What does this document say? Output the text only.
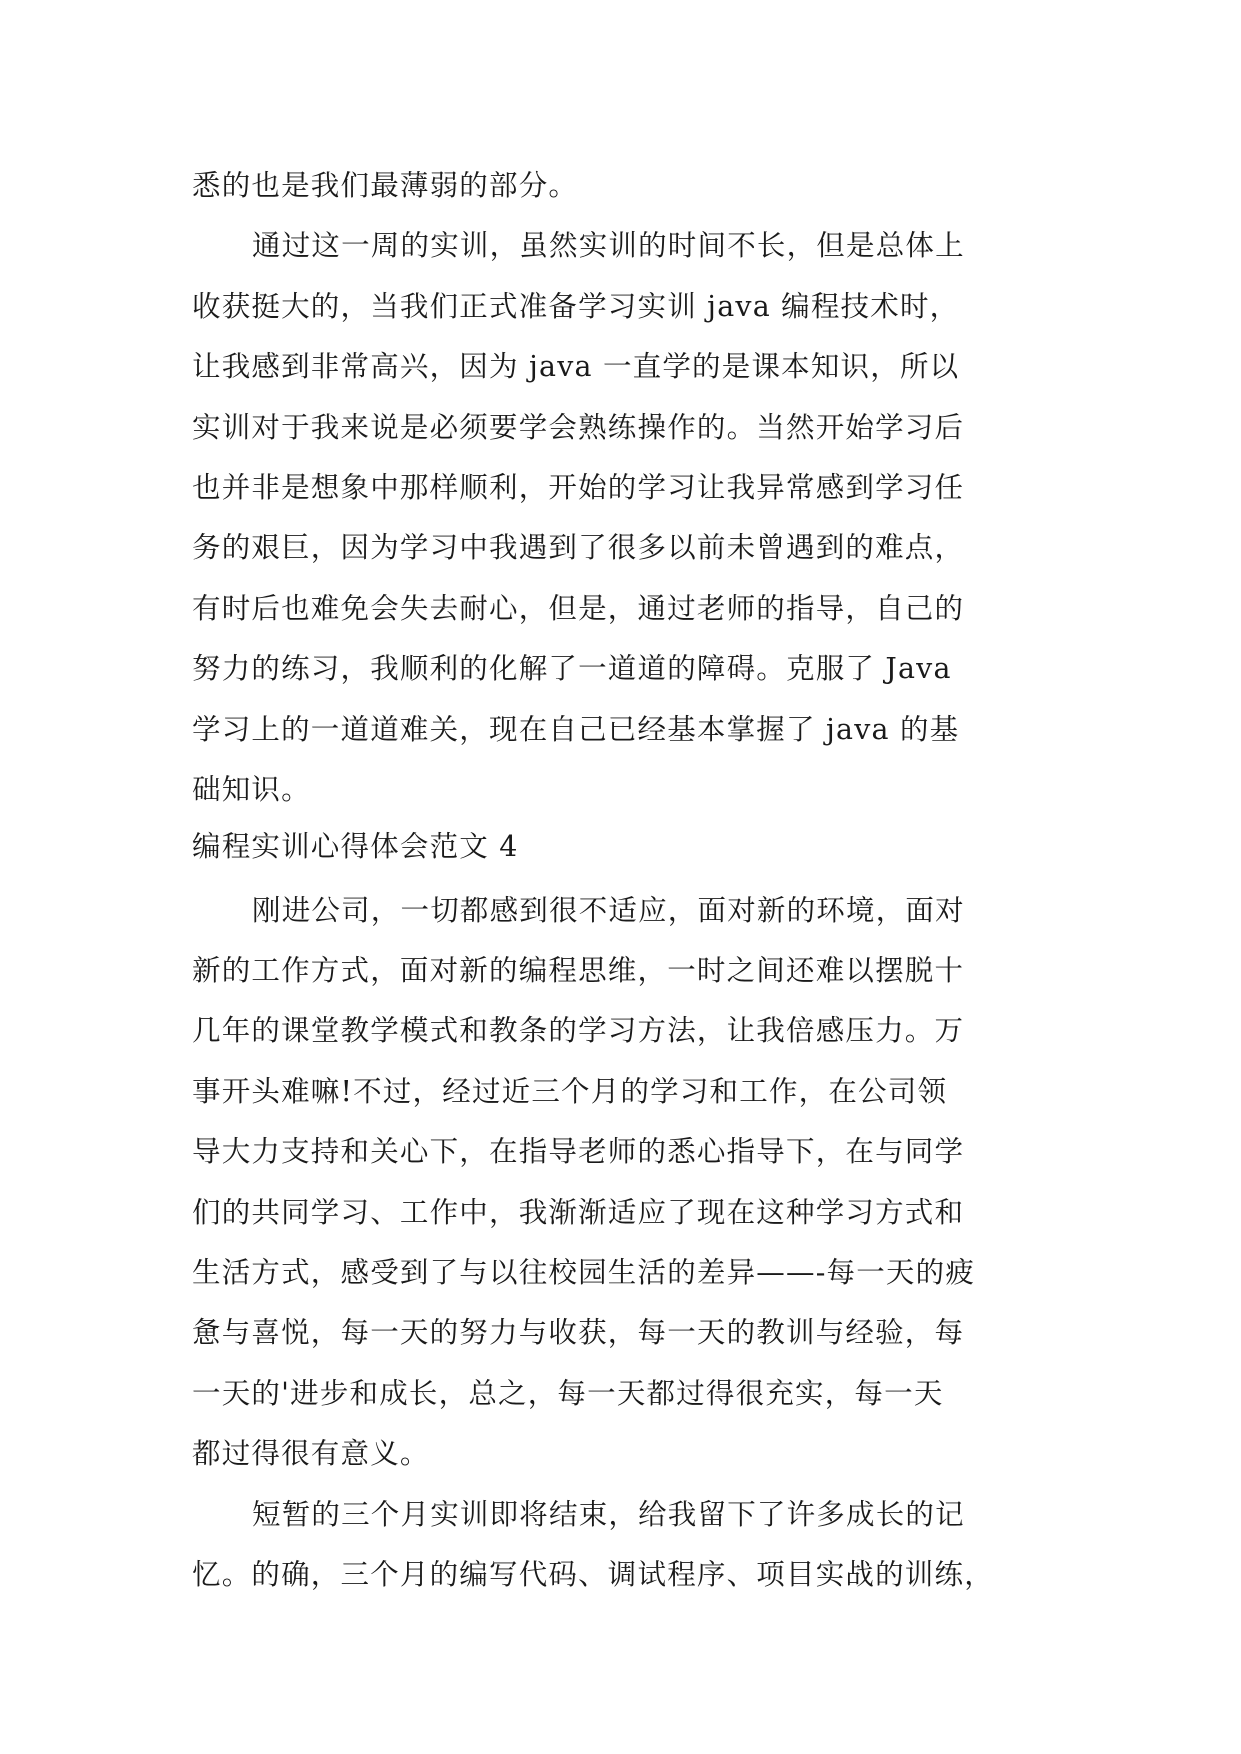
悉的也是我们最薄弱的部分。
通过这一周的实训，虽然实训的时间不长，但是总体上
收获挺大的，当我们正式准备学习实训 java 编程技术时，
让我感到非常高兴，因为 java 一直学的是课本知识，所以
实训对于我来说是必须要学会熟练操作的。当然开始学习后
也并非是想象中那样顺利，开始的学习让我异常感到学习任
务的艰巨，因为学习中我遇到了很多以前未曾遇到的难点，
有时后也难免会失去耐心，但是，通过老师的指导，自己的
努力的练习，我顺利的化解了一道道的障碍。克服了 Java
学习上的一道道难关，现在自己已经基本掌握了 java 的基
础知识。
编程实训心得体会范文 4
刚进公司，一切都感到很不适应，面对新的环境，面对
新的工作方式，面对新的编程思维，一时之间还难以摆脱十
几年的课堂教学模式和教条的学习方法，让我倍感压力。万
事开头难嘛!不过，经过近三个月的学习和工作，在公司领
导大力支持和关心下，在指导老师的悉心指导下，在与同学
们的共同学习、工作中，我渐渐适应了现在这种学习方式和
生活方式，感受到了与以往校园生活的差异——-每一天的疲
惫与喜悦，每一天的努力与收获，每一天的教训与经验，每
一天的'进步和成长，总之，每一天都过得很充实，每一天
都过得很有意义。
短暂的三个月实训即将结束，给我留下了许多成长的记
忆。的确，三个月的编写代码、调试程序、项目实战的训练，
